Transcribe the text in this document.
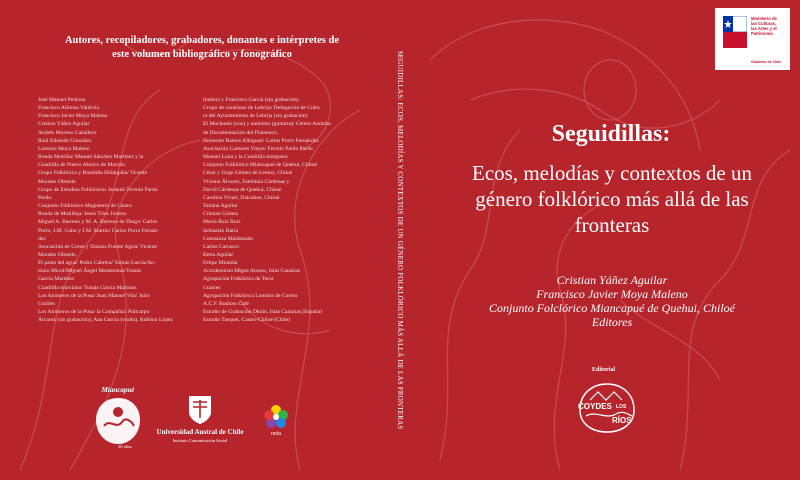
Autores, recopiladores, grabadores, donantes e intérpretes de este volumen bibliográfico y fonográfico
José Manuel Pedrosa
Francisco Alfonso Valdivia
Francisco Javier Moya Maleno
Cristian Yáñez Aguilar
Andrés Moreno Caballero
Raúl Eduardo González
Lorenzo Moya Maleno
Ronda Motriña/ Manuel Sánchez Martínez y la
Cuadrilla de Puerto Alarico de Marcilo
Grupo Folklórico y Rondalla Hidalgaña/ Vicente
Morales Olmedo
Grupo de Estudios Folklóricos Jarandí/ Fermín Pardo
Pardo.
Conjunto Folklórico Magisterio de Castro
Ronda de Motilleja/ Jesús Trius Jimeno
Miguel A. Barreno y M. A. Barreno de Diego/ Carlos
Porro, J.M. Cubo y J.M. Martín/ Carlos Porro Fernán-
dez
Asociación de Coros y Danzas Fuente Agria/ Vicente
Morales Olmedo
El pasto del agua/ Pedro Cabrera/ Tomás García/An-
tonio Micol/Miguel Ángel Montesinos/Tomás
García Martínez
Cuadrilla murciana/ Tomás García Martínez
Los Animeros de la Posa/ Juan Manuel Vila/ Julio
Guillén
Los Animeros de la Posa/ la Compañía: Policarpo
Álvarez (sin grabación), Ana García (violín), Balbino López
(bailes) y Francisco García (sin grabación).
Grupo de coralistas de Lebrija/ Delegación de Cultu
ra del Ayuntamiento de Lebrija (sin grabación)
El Mochuelo (voz) y anónimo (guitarra)/ Centro Andaluz
de Documentación del Flamenco.
Honorato Ramos Albiguez/ Carlos Porro Fernández
Asociación Cantares Viejos/ Fermín Pardo Pardo
Manuel Luna y la Cuadrilla murguera
Conjunto Folklórico Miancapué de Quehui, Chiloé
César y Jorge Gómez de Lemuy, Chiloé
Viviana Álvarez, Estefanía Cárdenas y
David Cárdenas de Quehui, Chiloé.
Carolina Vivart, Dalcahue, Chiloé.
Tatiana Aguilar
Cristian Gómez
Mario Ruiz Ruiz
Sebastián Baria
Constanza Maldonado
Carlos Carrasco
Berta Aguilar
Felipe Miranda
Acordeonista Migue Alonso, Islas Canarias
Agrupación Folklórica de Teror
Guaires
Agrupación Folklórica Lomitos de Correa
A.C.F. Budioto Café
Estudio de Grabación Dknín, Islas Canarias (España)
Estudio Tasquet, Castro-Chiloé (Chile)
Miancapué
30 años
Universidad Austral de Chile
Instituto Comunicación Social
reda
SEGUIDILLAS: ECOS, MELODÍAS Y CONTEXTOS DE UN GÉNERO FOLKLÓRICO MÁS ALLÁ DE LAS FRONTERAS
Ministerio de
las Culturas,
las Artes y el
Patrimonio
Gobierno de Chile
Seguidillas:
Ecos, melodías y contextos de un género folklórico más allá de las fronteras
Cristian Yáñez Aguilar
Francisco Javier Moya Maleno
Conjunto Folclórico Miancapué de Quehui, Chiloé
Editores
Editorial
COYDES LOS
RÍOS
